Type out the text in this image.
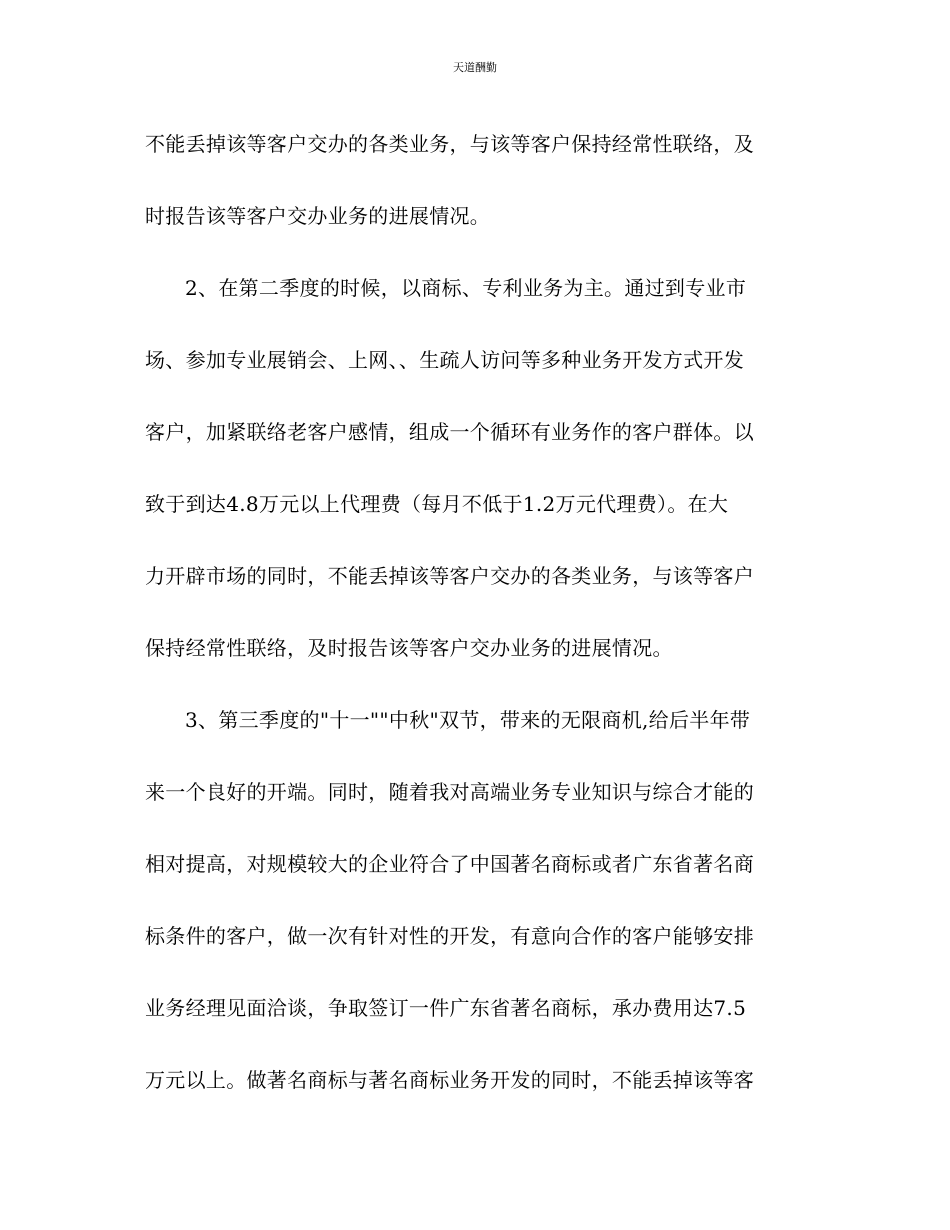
天道酬勤
不能丢掉该等客户交办的各类业务，与该等客户保持经常性联络，及
时报告该等客户交办业务的进展情况。
2、在第二季度的时候，以商标、专利业务为主。通过到专业市
场、参加专业展销会、上网、、生疏人访问等多种业务开发方式开发
客户，加紧联络老客户感情，组成一个循环有业务作的客户群体。以
致于到达4.8万元以上代理费（每月不低于1.2万元代理费）。在大
力开辟市场的同时，不能丢掉该等客户交办的各类业务，与该等客户
保持经常性联络，及时报告该等客户交办业务的进展情况。
3、第三季度的"十一""中秋"双节，带来的无限商机,给后半年带
来一个良好的开端。同时，随着我对高端业务专业知识与综合才能的
相对提高，对规模较大的企业符合了中国著名商标或者广东省著名商
标条件的客户，做一次有针对性的开发，有意向合作的客户能够安排
业务经理见面洽谈，争取签订一件广东省著名商标，承办费用达7.5
万元以上。做著名商标与著名商标业务开发的同时，不能丢掉该等客
